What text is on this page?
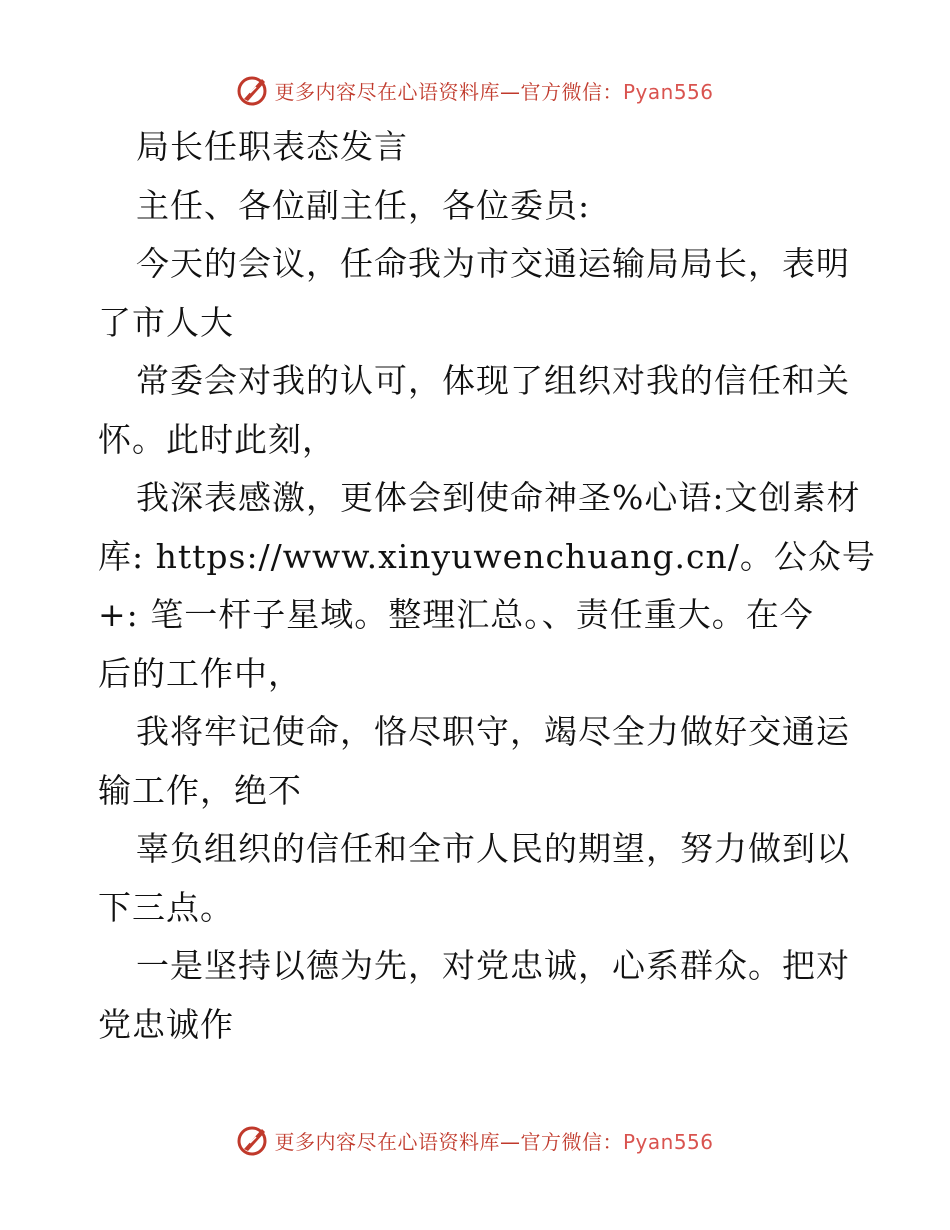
更多内容尽在心语资料库—官方微信：Pyan556
局长任职表态发言
主任、各位副主任，各位委员:
今天的会议，任命我为市交通运输局局长，表明
了市人大
常委会对我的认可，体现了组织对我的信任和关
怀。此时此刻，
我深表感激，更体会到使命神圣%心语:文创素材
库: https://www.xinyuwenchuang.cn/。公众号
+: 笔一杆子星域。整理汇总。、责任重大。在今
后的工作中，
我将牢记使命，恪尽职守，竭尽全力做好交通运
输工作，绝不
辜负组织的信任和全市人民的期望，努力做到以
下三点。
一是坚持以德为先，对党忠诚，心系群众。把对
党忠诚作
更多内容尽在心语资料库—官方微信：Pyan556
